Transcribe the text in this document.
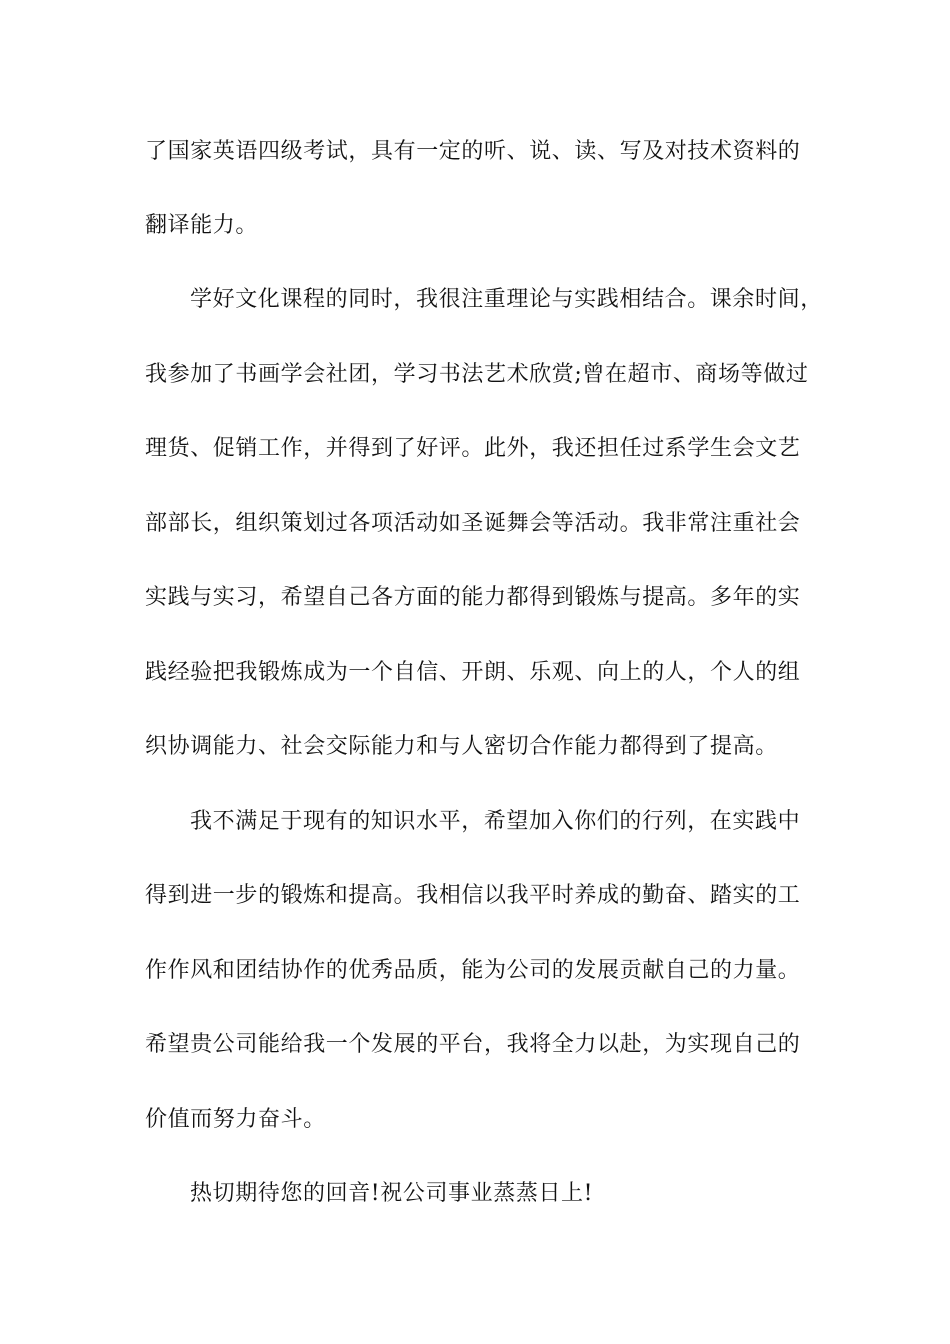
了国家英语四级考试，具有一定的听、说、读、写及对技术资料的
翻译能力。
学好文化课程的同时，我很注重理论与实践相结合。课余时间，
我参加了书画学会社团，学习书法艺术欣赏;曾在超市、商场等做过
理货、促销工作，并得到了好评。此外，我还担任过系学生会文艺
部部长，组织策划过各项活动如圣诞舞会等活动。我非常注重社会
实践与实习，希望自己各方面的能力都得到锻炼与提高。多年的实
践经验把我锻炼成为一个自信、开朗、乐观、向上的人，个人的组
织协调能力、社会交际能力和与人密切合作能力都得到了提高。
我不满足于现有的知识水平，希望加入你们的行列，在实践中
得到进一步的锻炼和提高。我相信以我平时养成的勤奋、踏实的工
作作风和团结协作的优秀品质，能为公司的发展贡献自己的力量。
希望贵公司能给我一个发展的平台，我将全力以赴，为实现自己的
价值而努力奋斗。
热切期待您的回音!祝公司事业蒸蒸日上!
